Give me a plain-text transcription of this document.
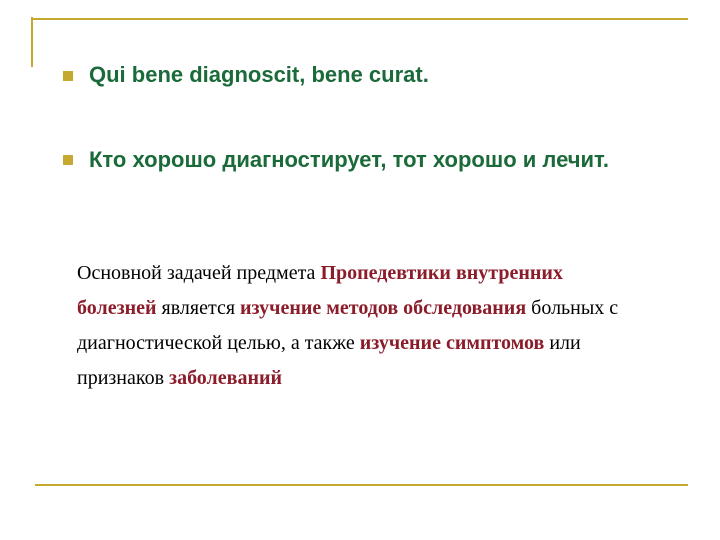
Qui bene diagnoscit, bene curat.

Кто хорошо диагностирует, тот хорошо и лечит.

Основной задачей предмета Пропедевтики внутренних болезней является изучение методов обследования больных с диагностической целью, а также изучение симптомов или признаков заболеваний
